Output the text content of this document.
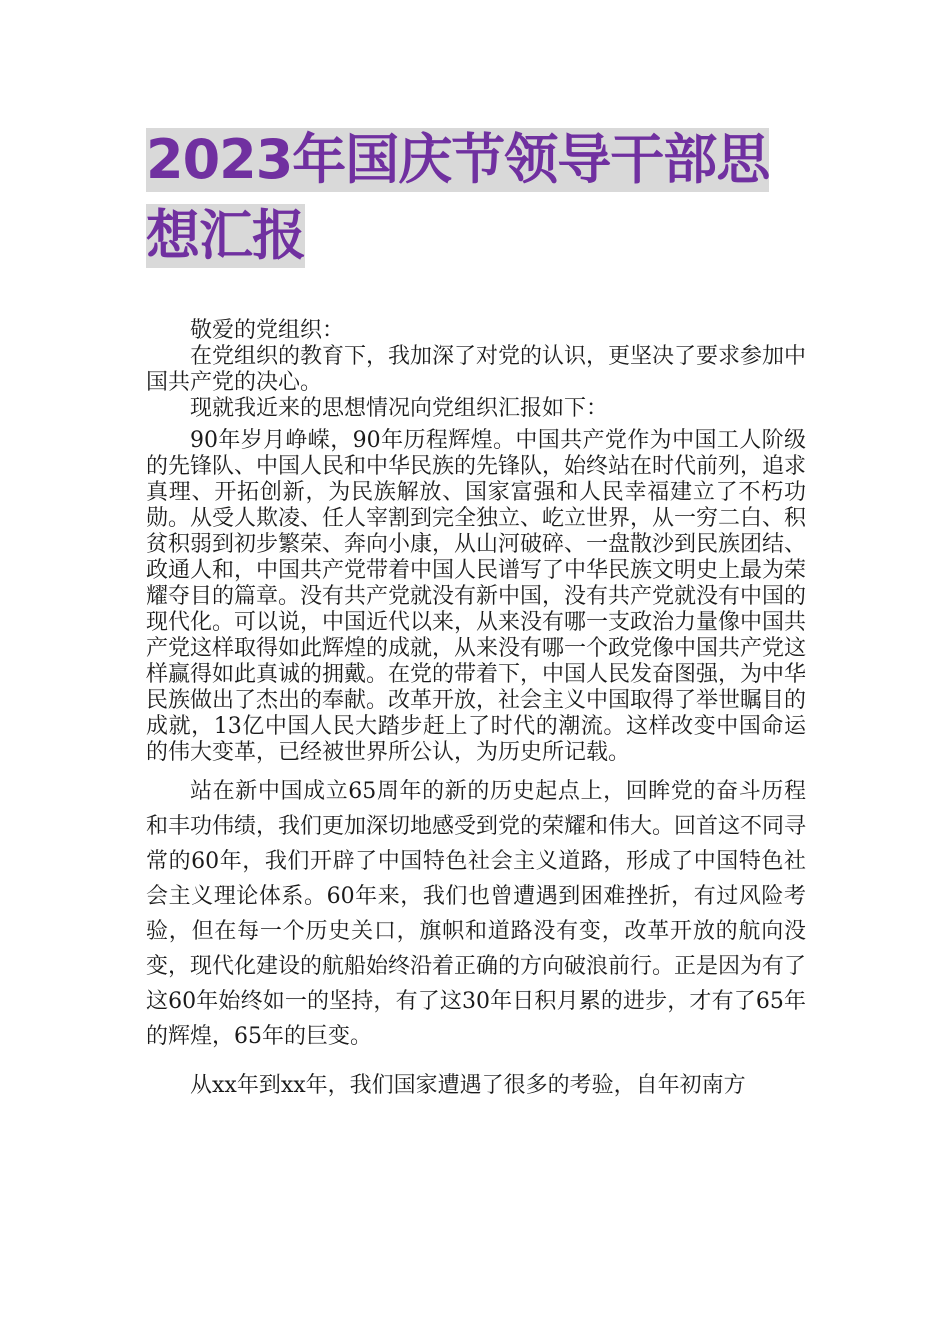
2023年国庆节领导干部思
想汇报

敬爱的党组织：

在党组织的教育下，我加深了对党的认识，更坚决了要求参加中国共产党的决心。

现就我近来的思想情况向党组织汇报如下：

90年岁月峥嵘，90年历程辉煌。中国共产党作为中国工人阶级的先锋队、中国人民和中华民族的先锋队，始终站在时代前列，追求真理、开拓创新，为民族解放、国家富强和人民幸福建立了不朽功勋。从受人欺凌、任人宰割到完全独立、屹立世界，从一穷二白、积贫积弱到初步繁荣、奔向小康，从山河破碎、一盘散沙到民族团结、政通人和，中国共产党带着中国人民谱写了中华民族文明史上最为荣耀夺目的篇章。没有共产党就没有新中国，没有共产党就没有中国的现代化。可以说，中国近代以来，从来没有哪一支政治力量像中国共产党这样取得如此辉煌的成就，从来没有哪一个政党像中国共产党这样赢得如此真诚的拥戴。在党的带着下，中国人民发奋图强，为中华民族做出了杰出的奉献。改革开放，社会主义中国取得了举世瞩目的成就，13亿中国人民大踏步赶上了时代的潮流。这样改变中国命运的伟大变革，已经被世界所公认，为历史所记载。

站在新中国成立65周年的新的历史起点上，回眸党的奋斗历程和丰功伟绩，我们更加深切地感受到党的荣耀和伟大。回首这不同寻常的60年，我们开辟了中国特色社会主义道路，形成了中国特色社会主义理论体系。60年来，我们也曾遭遇到困难挫折，有过风险考验，但在每一个历史关口，旗帜和道路没有变，改革开放的航向没变，现代化建设的航船始终沿着正确的方向破浪前行。正是因为有了这60年始终如一的坚持，有了这30年日积月累的进步，才有了65年的辉煌，65年的巨变。

从xx年到xx年，我们国家遭遇了很多的考验，自年初南方
